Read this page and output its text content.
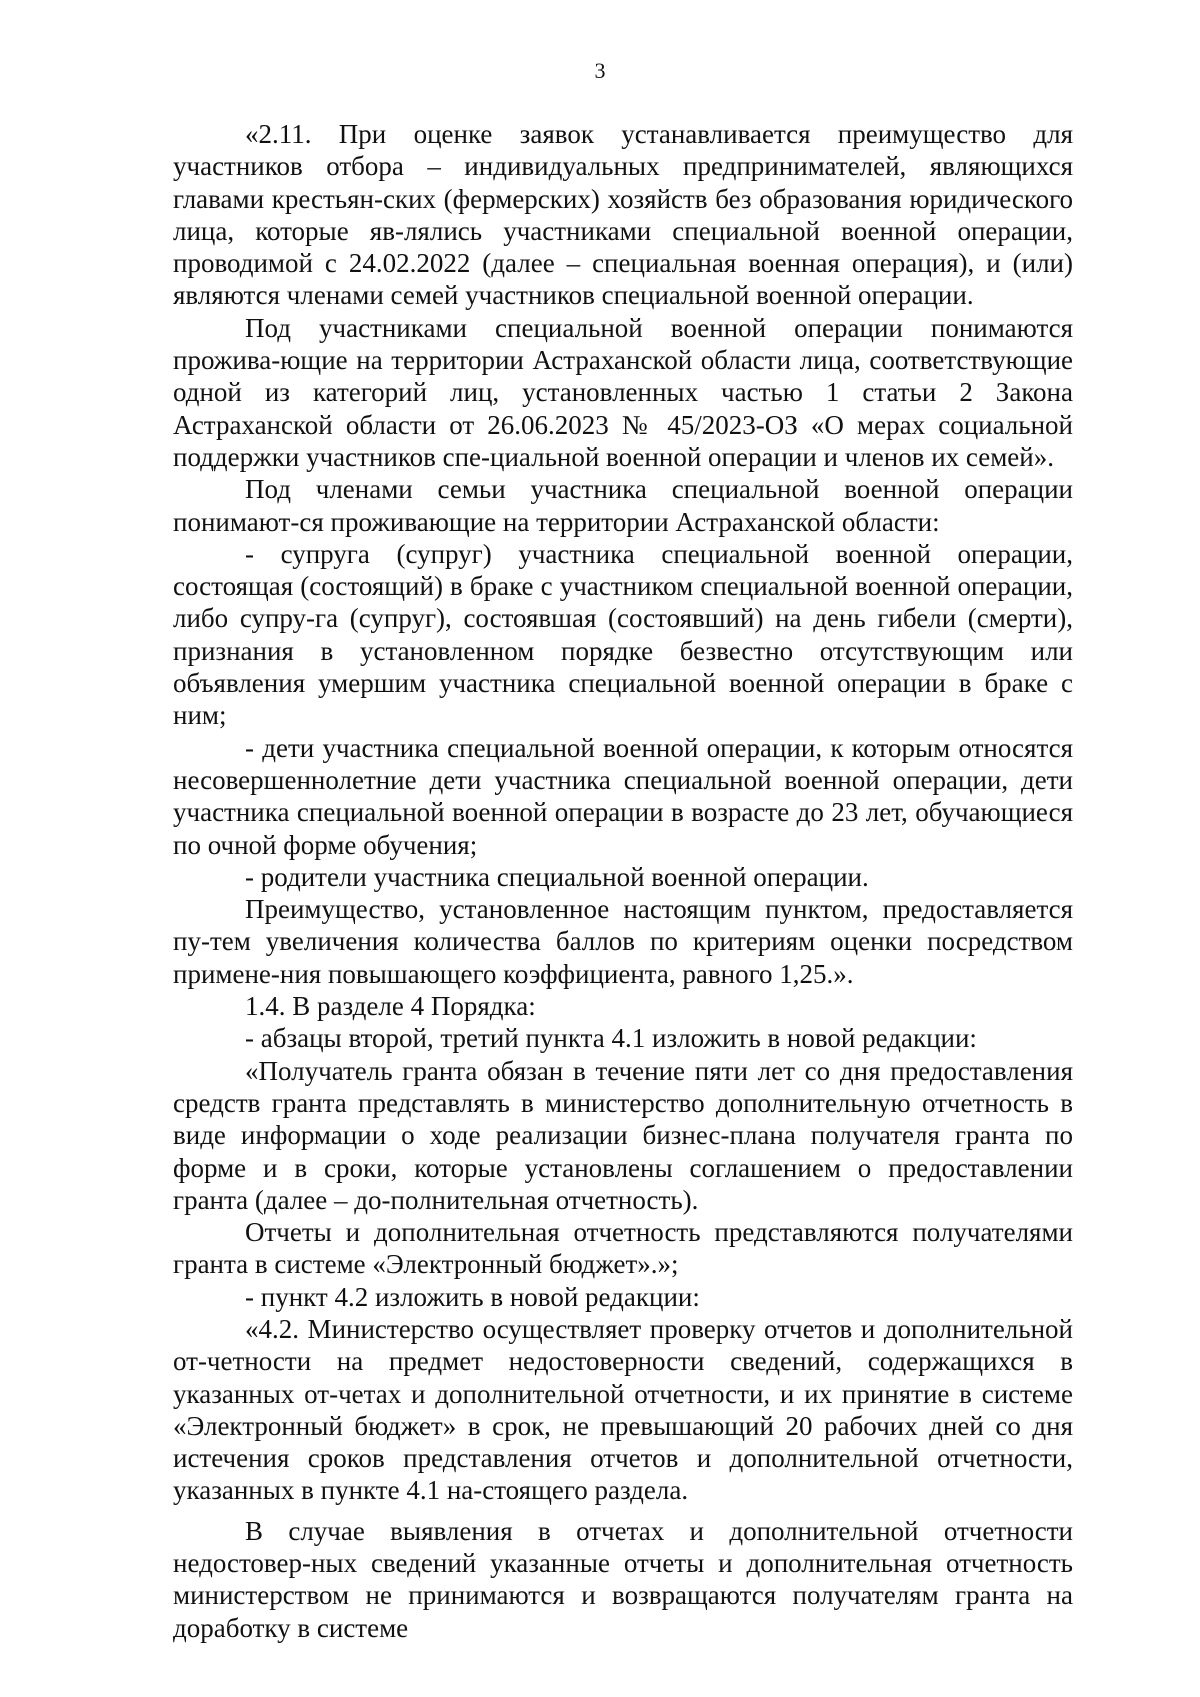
3

«2.11. При оценке заявок устанавливается преимущество для участников отбора – индивидуальных предпринимателей, являющихся главами крестьян-ских (фермерских) хозяйств без образования юридического лица, которые яв-лялись участниками специальной военной операции, проводимой с 24.02.2022 (далее – специальная военная операция), и (или) являются членами семей участников специальной военной операции.

Под участниками специальной военной операции понимаются прожива-ющие на территории Астраханской области лица, соответствующие одной из категорий лиц, установленных частью 1 статьи 2 Закона Астраханской области от 26.06.2023 № 45/2023-ОЗ «О мерах социальной поддержки участников спе-циальной военной операции и членов их семей».

Под членами семьи участника специальной военной операции понимают-ся проживающие на территории Астраханской области:

- супруга (супруг) участника специальной военной операции, состоящая (состоящий) в браке с участником специальной военной операции, либо супру-га (супруг), состоявшая (состоявший) на день гибели (смерти), признания в установленном порядке безвестно отсутствующим или объявления умершим участника специальной военной операции в браке с ним;

- дети участника специальной военной операции, к которым относятся несовершеннолетние дети участника специальной военной операции, дети участника специальной военной операции в возрасте до 23 лет, обучающиеся по очной форме обучения;

- родители участника специальной военной операции.

Преимущество, установленное настоящим пунктом, предоставляется пу-тем увеличения количества баллов по критериям оценки посредством примене-ния повышающего коэффициента, равного 1,25.».

1.4. В разделе 4 Порядка:

- абзацы второй, третий пункта 4.1 изложить в новой редакции:

«Получатель гранта обязан в течение пяти лет со дня предоставления средств гранта представлять в министерство дополнительную отчетность в виде информации о ходе реализации бизнес-плана получателя гранта по форме и в сроки, которые установлены соглашением о предоставлении гранта (далее – до-полнительная отчетность).

Отчеты и дополнительная отчетность представляются получателями гранта в системе «Электронный бюджет».»;

- пункт 4.2 изложить в новой редакции:

«4.2. Министерство осуществляет проверку отчетов и дополнительной от-четности на предмет недостоверности сведений, содержащихся в указанных от-четах и дополнительной отчетности, и их принятие в системе «Электронный бюджет» в срок, не превышающий 20 рабочих дней со дня истечения сроков представления отчетов и дополнительной отчетности, указанных в пункте 4.1 на-стоящего раздела.

В случае выявления в отчетах и дополнительной отчетности недостовер-ных сведений указанные отчеты и дополнительная отчетность министерством не принимаются и возвращаются получателям гранта на доработку в системе
